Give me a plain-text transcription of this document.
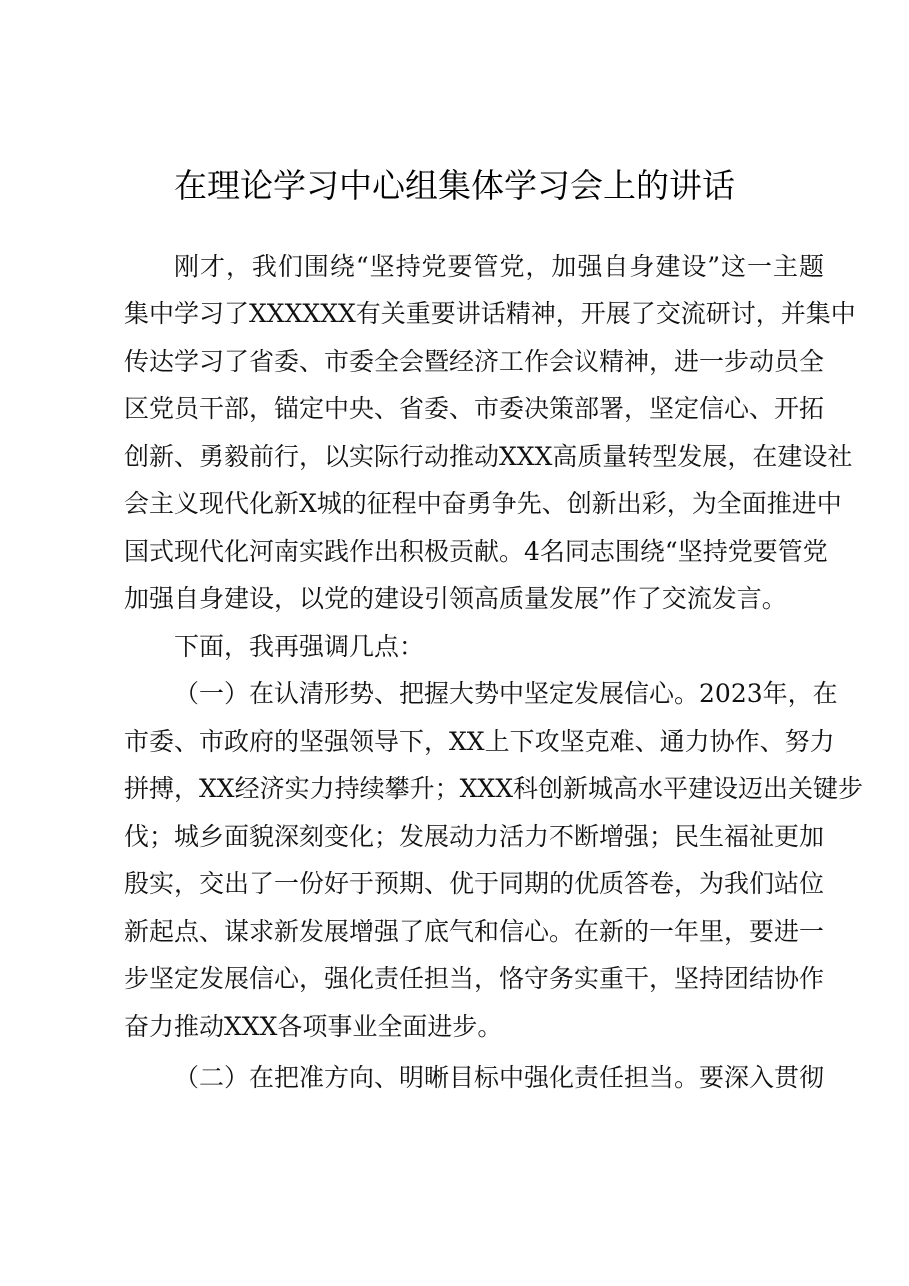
在理论学习中心组集体学习会上的讲话
刚才，我们围绕“坚持党要管党，加强自身建设”这一主题
集中学习了XXXXXX有关重要讲话精神，开展了交流研讨，并集中
传达学习了省委、市委全会暨经济工作会议精神，进一步动员全
区党员干部，锚定中央、省委、市委决策部署，坚定信心、开拓
创新、勇毅前行，以实际行动推动XXX高质量转型发展，在建设社
会主义现代化新X城的征程中奋勇争先、创新出彩，为全面推进中
国式现代化河南实践作出积极贡献。4名同志围绕“坚持党要管党
加强自身建设，以党的建设引领高质量发展”作了交流发言。
下面，我再强调几点：
（一）在认清形势、把握大势中坚定发展信心。2023年，在
市委、市政府的坚强领导下，XX上下攻坚克难、通力协作、努力
拼搏，XX经济实力持续攀升；XXX科创新城高水平建设迈出关键步
伐；城乡面貌深刻变化；发展动力活力不断增强；民生福祉更加
殷实，交出了一份好于预期、优于同期的优质答卷，为我们站位
新起点、谋求新发展增强了底气和信心。在新的一年里，要进一
步坚定发展信心，强化责任担当，恪守务实重干，坚持团结协作
奋力推动XXX各项事业全面进步。
（二）在把准方向、明晰目标中强化责任担当。要深入贯彻
